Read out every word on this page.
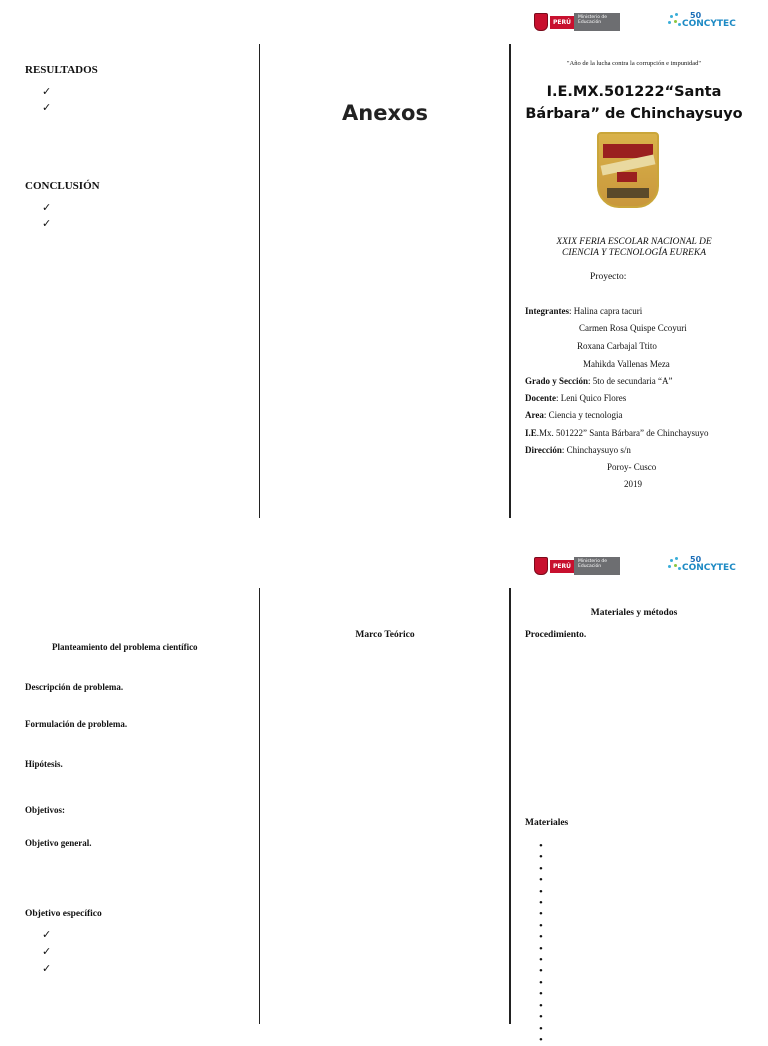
PERÚ
Ministerio de Educación
50
CONCYTEC
RESULTADOS
✓
✓
CONCLUSIÓN
✓
✓
Anexos
"Año de la lucha contra la corrupción e impunidad"
I.E.MX.501222“Santa
Bárbara” de Chinchaysuyo
XXIX FERIA ESCOLAR NACIONAL DE
CIENCIA Y TECNOLOGÍA EUREKA
Proyecto:
Integrantes: Halina capra tacuri
Carmen Rosa Quispe Ccoyuri
Roxana Carbajal Ttito
Mahikda Vallenas Meza
Grado y Sección: 5to de secundaria “A”
Docente: Leni Quico Flores
Area: Ciencia y tecnologia
I.E.Mx. 501222” Santa Bárbara” de Chinchaysuyo
Dirección: Chinchaysuyo s/n
Poroy- Cusco
2019
PERÚ
Ministerio de Educación
50
CONCYTEC
Planteamiento del problema científico
Descripción de problema.
Formulación de problema.
Hipótesis.
Objetivos:
Objetivo general.
Objetivo específico
✓
✓
✓
Marco Teórico
Materiales y métodos
Procedimiento.
Materiales
•
•
•
•
•
•
•
•
•
•
•
•
•
•
•
•
•
•
